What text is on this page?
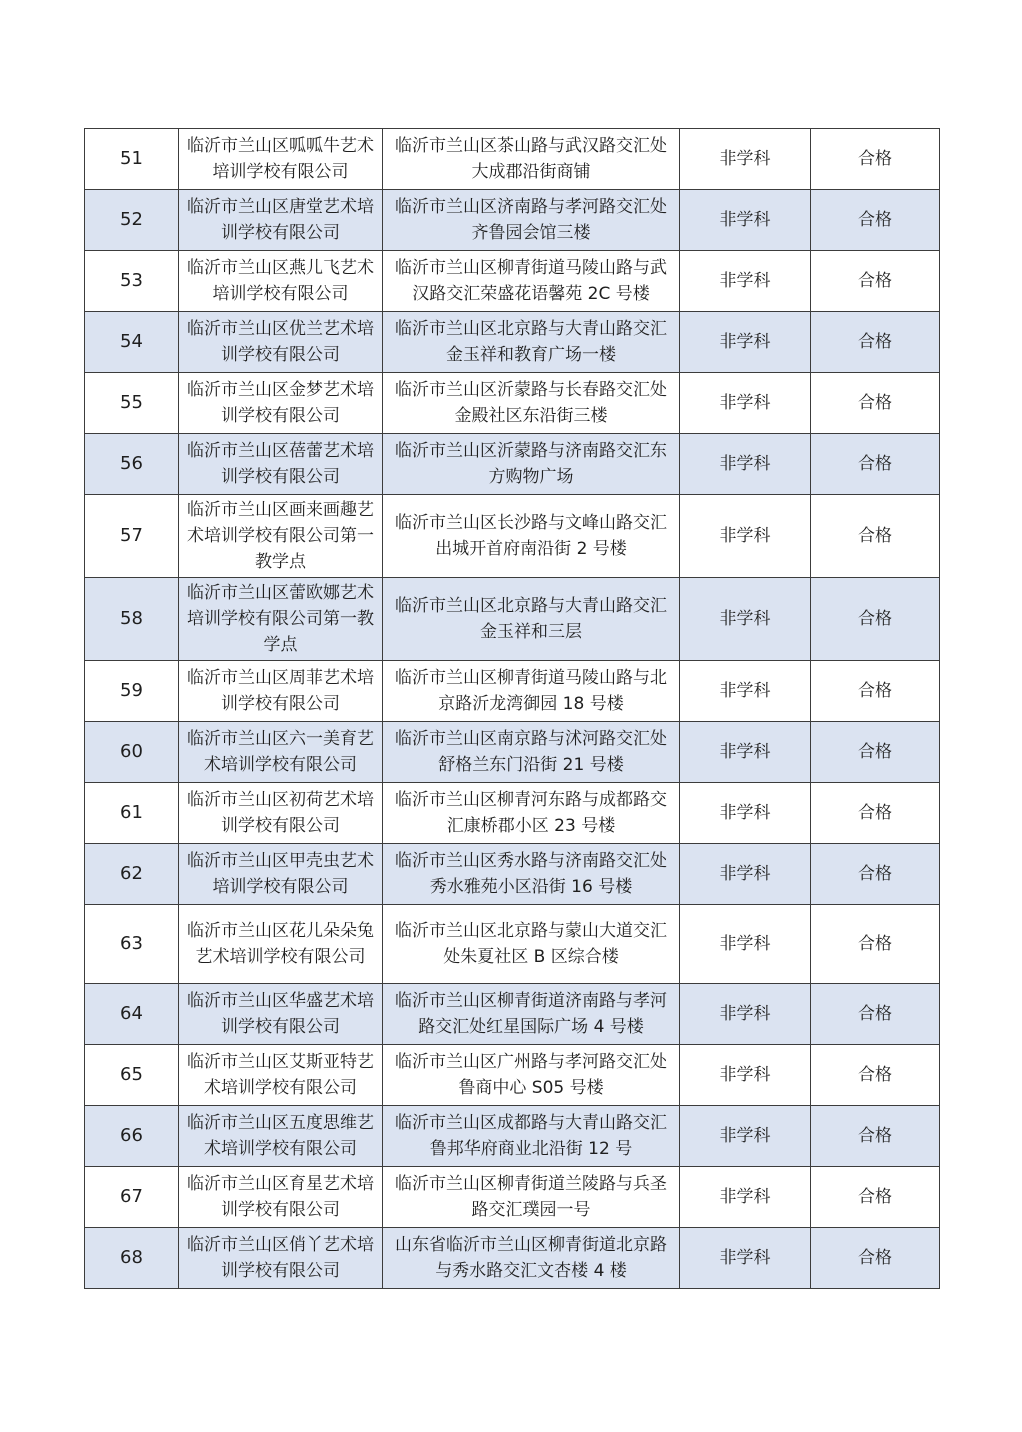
51	临沂市兰山区呱呱牛艺术培训学校有限公司	临沂市兰山区茶山路与武汉路交汇处大成郡沿街商铺	非学科	合格
52	临沂市兰山区唐堂艺术培训学校有限公司	临沂市兰山区济南路与孝河路交汇处齐鲁园会馆三楼	非学科	合格
53	临沂市兰山区燕儿飞艺术培训学校有限公司	临沂市兰山区柳青街道马陵山路与武汉路交汇荣盛花语馨苑 2C 号楼	非学科	合格
54	临沂市兰山区优兰艺术培训学校有限公司	临沂市兰山区北京路与大青山路交汇金玉祥和教育广场一楼	非学科	合格
55	临沂市兰山区金梦艺术培训学校有限公司	临沂市兰山区沂蒙路与长春路交汇处金殿社区东沿街三楼	非学科	合格
56	临沂市兰山区蓓蕾艺术培训学校有限公司	临沂市兰山区沂蒙路与济南路交汇东方购物广场	非学科	合格
57	临沂市兰山区画来画趣艺术培训学校有限公司第一教学点	临沂市兰山区长沙路与文峰山路交汇出城开首府南沿街 2 号楼	非学科	合格
58	临沂市兰山区蕾欧娜艺术培训学校有限公司第一教学点	临沂市兰山区北京路与大青山路交汇金玉祥和三层	非学科	合格
59	临沂市兰山区周菲艺术培训学校有限公司	临沂市兰山区柳青街道马陵山路与北京路沂龙湾御园 18 号楼	非学科	合格
60	临沂市兰山区六一美育艺术培训学校有限公司	临沂市兰山区南京路与沭河路交汇处舒格兰东门沿街 21 号楼	非学科	合格
61	临沂市兰山区初荷艺术培训学校有限公司	临沂市兰山区柳青河东路与成都路交汇康桥郡小区 23 号楼	非学科	合格
62	临沂市兰山区甲壳虫艺术培训学校有限公司	临沂市兰山区秀水路与济南路交汇处秀水雅苑小区沿街 16 号楼	非学科	合格
63	临沂市兰山区花儿朵朵兔艺术培训学校有限公司	临沂市兰山区北京路与蒙山大道交汇处朱夏社区 B 区综合楼	非学科	合格
64	临沂市兰山区华盛艺术培训学校有限公司	临沂市兰山区柳青街道济南路与孝河路交汇处红星国际广场 4 号楼	非学科	合格
65	临沂市兰山区艾斯亚特艺术培训学校有限公司	临沂市兰山区广州路与孝河路交汇处鲁商中心 S05 号楼	非学科	合格
66	临沂市兰山区五度思维艺术培训学校有限公司	临沂市兰山区成都路与大青山路交汇鲁邦华府商业北沿街 12 号	非学科	合格
67	临沂市兰山区育星艺术培训学校有限公司	临沂市兰山区柳青街道兰陵路与兵圣路交汇璞园一号	非学科	合格
68	临沂市兰山区俏丫艺术培训学校有限公司	山东省临沂市兰山区柳青街道北京路与秀水路交汇文杏楼 4 楼	非学科	合格
